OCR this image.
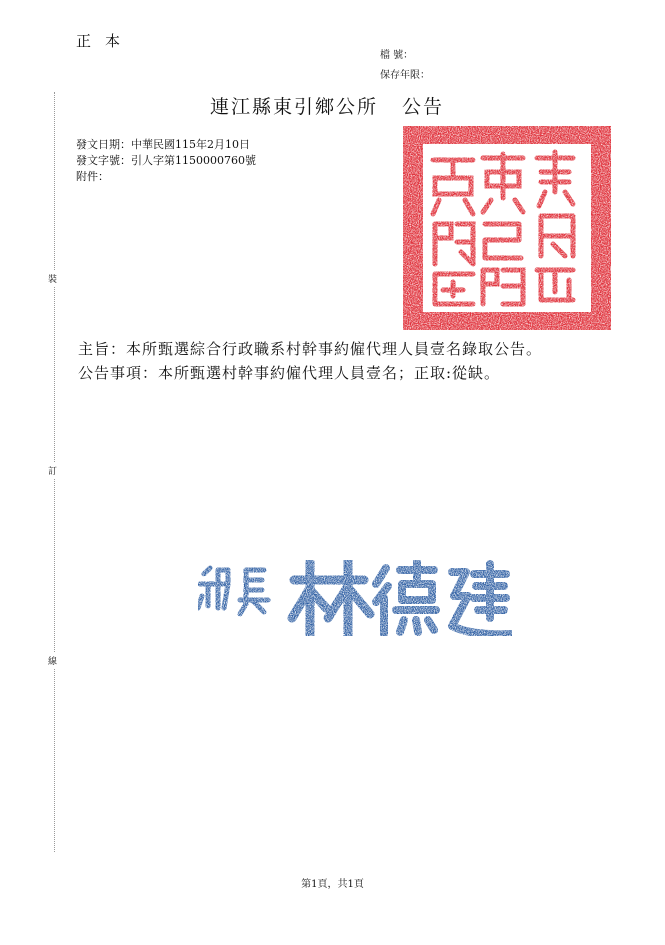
正本
檔 號：
保存年限：
連江縣東引鄉公所 公告
發文日期：中華民國115年2月10日
發文字號：引人字第1150000760號
附件：
裝
訂
線
主旨：本所甄選綜合行政職系村幹事約僱代理人員壹名錄取公告。
公告事項：本所甄選村幹事約僱代理人員壹名；正取:從缺。
第1頁，共1頁
